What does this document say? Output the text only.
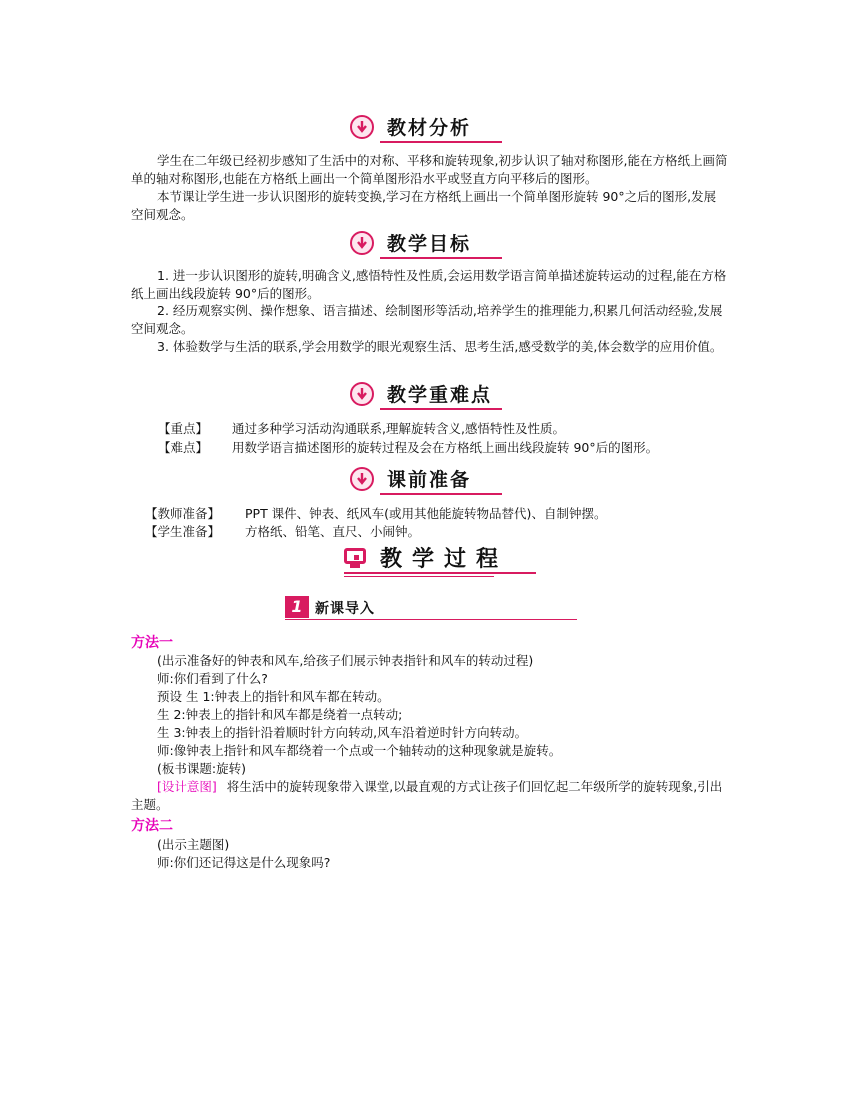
教材分析
学生在二年级已经初步感知了生活中的对称、平移和旋转现象,初步认识了轴对称图形,能在方格纸上画简单的轴对称图形,也能在方格纸上画出一个简单图形沿水平或竖直方向平移后的图形。
本节课让学生进一步认识图形的旋转变换,学习在方格纸上画出一个简单图形旋转 90°之后的图形,发展空间观念。
教学目标
1. 进一步认识图形的旋转,明确含义,感悟特性及性质,会运用数学语言简单描述旋转运动的过程,能在方格纸上画出线段旋转 90°后的图形。
2. 经历观察实例、操作想象、语言描述、绘制图形等活动,培养学生的推理能力,积累几何活动经验,发展空间观念。
3. 体验数学与生活的联系,学会用数学的眼光观察生活、思考生活,感受数学的美,体会数学的应用价值。
教学重难点
【重点】 通过多种学习活动沟通联系,理解旋转含义,感悟特性及性质。
【难点】 用数学语言描述图形的旋转过程及会在方格纸上画出线段旋转 90°后的图形。
课前准备
【教师准备】 PPT 课件、钟表、纸风车(或用其他能旋转物品替代)、自制钟摆。
【学生准备】 方格纸、铅笔、直尺、小闹钟。
教学过程
1 新课导入
方法一
(出示准备好的钟表和风车,给孩子们展示钟表指针和风车的转动过程)
师:你们看到了什么?
预设 生 1:钟表上的指针和风车都在转动。
生 2:钟表上的指针和风车都是绕着一点转动;
生 3:钟表上的指针沿着顺时针方向转动,风车沿着逆时针方向转动。
师:像钟表上指针和风车都绕着一个点或一个轴转动的这种现象就是旋转。
(板书课题:旋转)
[设计意图] 将生活中的旋转现象带入课堂,以最直观的方式让孩子们回忆起二年级所学的旋转现象,引出主题。
方法二
(出示主题图)
师:你们还记得这是什么现象吗?
